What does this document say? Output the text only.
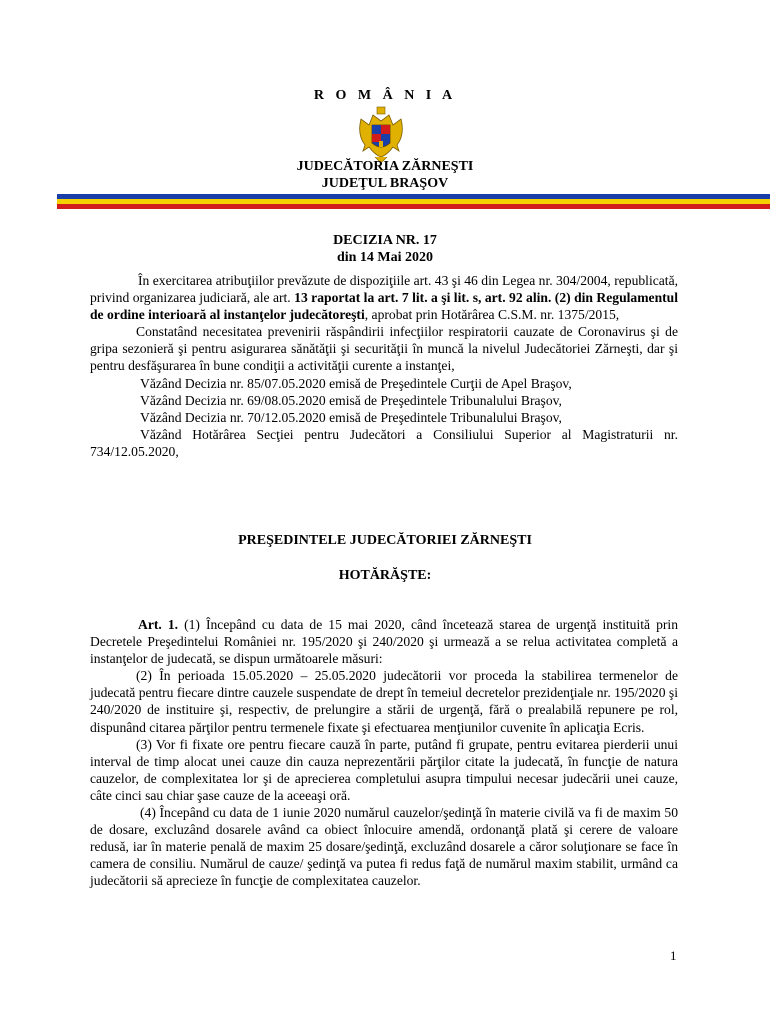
R O M Â N I A
JUDECĂTORIA ZĂRNEŞTI
JUDEŢUL BRAŞOV
DECIZIA NR. 17
din 14 Mai 2020

În exercitarea atribuţiilor prevăzute de dispoziţiile art. 43 şi 46 din Legea nr. 304/2004, republicată, privind organizarea judiciară, ale art. 13 raportat la art. 7 lit. a şi lit. s, art. 92 alin. (2) din Regulamentul de ordine interioară al instanţelor judecătoreşti, aprobat prin Hotărârea C.S.M. nr. 1375/2015,

Constatând necesitatea prevenirii răspândirii infecţiilor respiratorii cauzate de Coronavirus şi de gripa sezonieră şi pentru asigurarea sănătăţii şi securităţii în muncă la nivelul Judecătoriei Zărneşti, dar şi pentru desfăşurarea în bune condiţii a activităţii curente a instanţei,

Văzând Decizia nr. 85/07.05.2020 emisă de Preşedintele Curţii de Apel Braşov,

Văzând Decizia nr. 69/08.05.2020 emisă de Preşedintele Tribunalului Braşov,

Văzând Decizia nr. 70/12.05.2020 emisă de Preşedintele Tribunalului Braşov,

Văzând Hotărârea Secţiei pentru Judecători a Consiliului Superior al Magistraturii nr. 734/12.05.2020,

PREŞEDINTELE JUDECĂTORIEI ZĂRNEŞTI
HOTĂRĂŞTE:

Art. 1. (1) Începând cu data de 15 mai 2020, când încetează starea de urgenţă instituită prin Decretele Preşedintelui României nr. 195/2020 şi 240/2020 şi urmează a se relua activitatea completă a instanţelor de judecată, se dispun următoarele măsuri:

(2) În perioada 15.05.2020 – 25.05.2020 judecătorii vor proceda la stabilirea termenelor de judecată pentru fiecare dintre cauzele suspendate de drept în temeiul decretelor prezidenţiale nr. 195/2020 şi 240/2020 de instituire şi, respectiv, de prelungire a stării de urgenţă, fără o prealabilă repunere pe rol, dispunând citarea părţilor pentru termenele fixate şi efectuarea menţiunilor cuvenite în aplicaţia Ecris.

(3) Vor fi fixate ore pentru fiecare cauză în parte, putând fi grupate, pentru evitarea pierderii unui interval de timp alocat unei cauze din cauza neprezentării părţilor citate la judecată, în funcţie de natura cauzelor, de complexitatea lor şi de aprecierea completului asupra timpului necesar judecării unei cauze, câte cinci sau chiar şase cauze de la aceeaşi oră.

(4) Începând cu data de 1 iunie 2020 numărul cauzelor/şedinţă în materie civilă va fi de maxim 50 de dosare, excluzând dosarele având ca obiect înlocuire amendă, ordonanţă plată şi cerere de valoare redusă, iar în materie penală de maxim 25 dosare/şedinţă, excluzând dosarele a căror soluţionare se face în camera de consiliu. Numărul de cauze/ şedinţă va putea fi redus faţă de numărul maxim stabilit, urmând ca judecătorii să aprecieze în funcţie de complexitatea cauzelor.

1
